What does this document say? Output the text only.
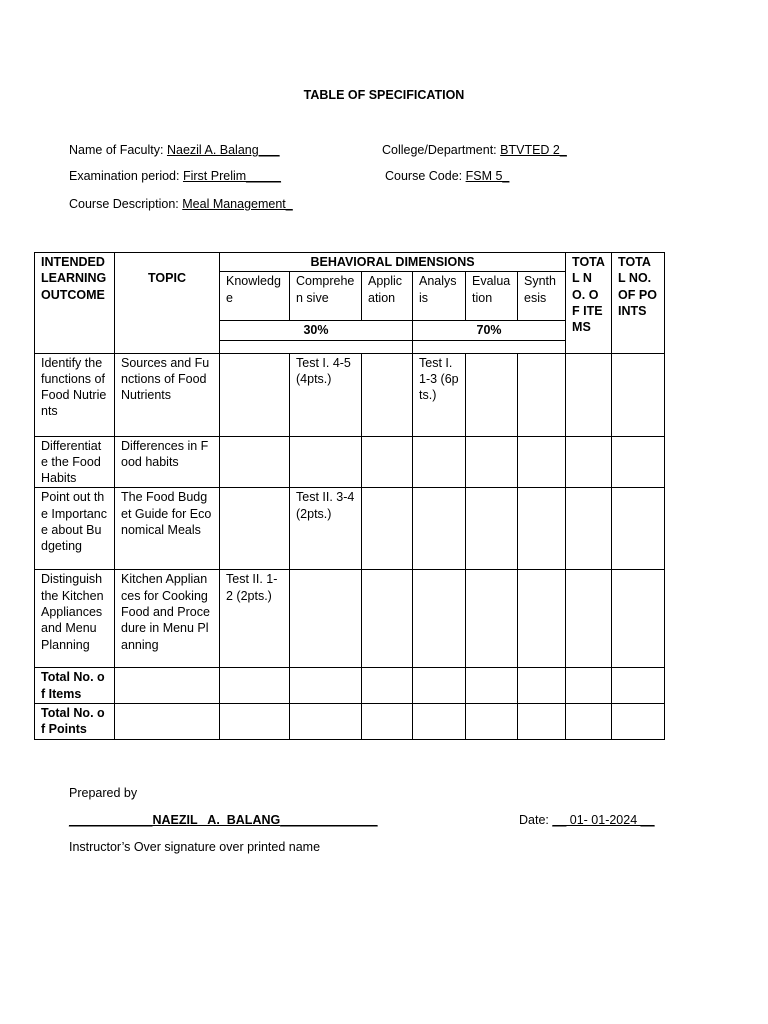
TABLE OF SPECIFICATION
Name of Faculty: Naezil A. Balang___	College/Department: BTVTED 2_
Examination period: First Prelim_____	Course Code: FSM 5_
Course Description: Meal Management_
INTENDED LEARNING OUTCOME	TOPIC	BEHAVIORAL DIMENSIONS						TOTAL NO. OF ITEMS	TOTAL NO. OF POINTS
		Knowledge	Comprehen sive	Application	Analysis	Evaluation	Synthesis		
		30%			70%				

Identify the functions of Food Nutrients	Sources and Functions of Food Nutrients		Test I. 4-5 (4pts.)		Test I. 1-3 (6pts.)				
Differentiate the Food Habits	Differences in Food habits								
Point out the Importance about Budgeting	The Food Budget Guide for Economical Meals		Test II. 3-4 (2pts.)						
Distinguish the Kitchen Appliances and Menu Planning	Kitchen Appliances for Cooking Food and Procedure in Menu Planning	Test II. 1-2 (2pts.)							
Total No. of Items									
Total No. of Points									
Prepared by
____________NAEZIL   A.  BALANG______________	Date: __ 01- 01-2024 __
Instructor’s Over signature over printed name
